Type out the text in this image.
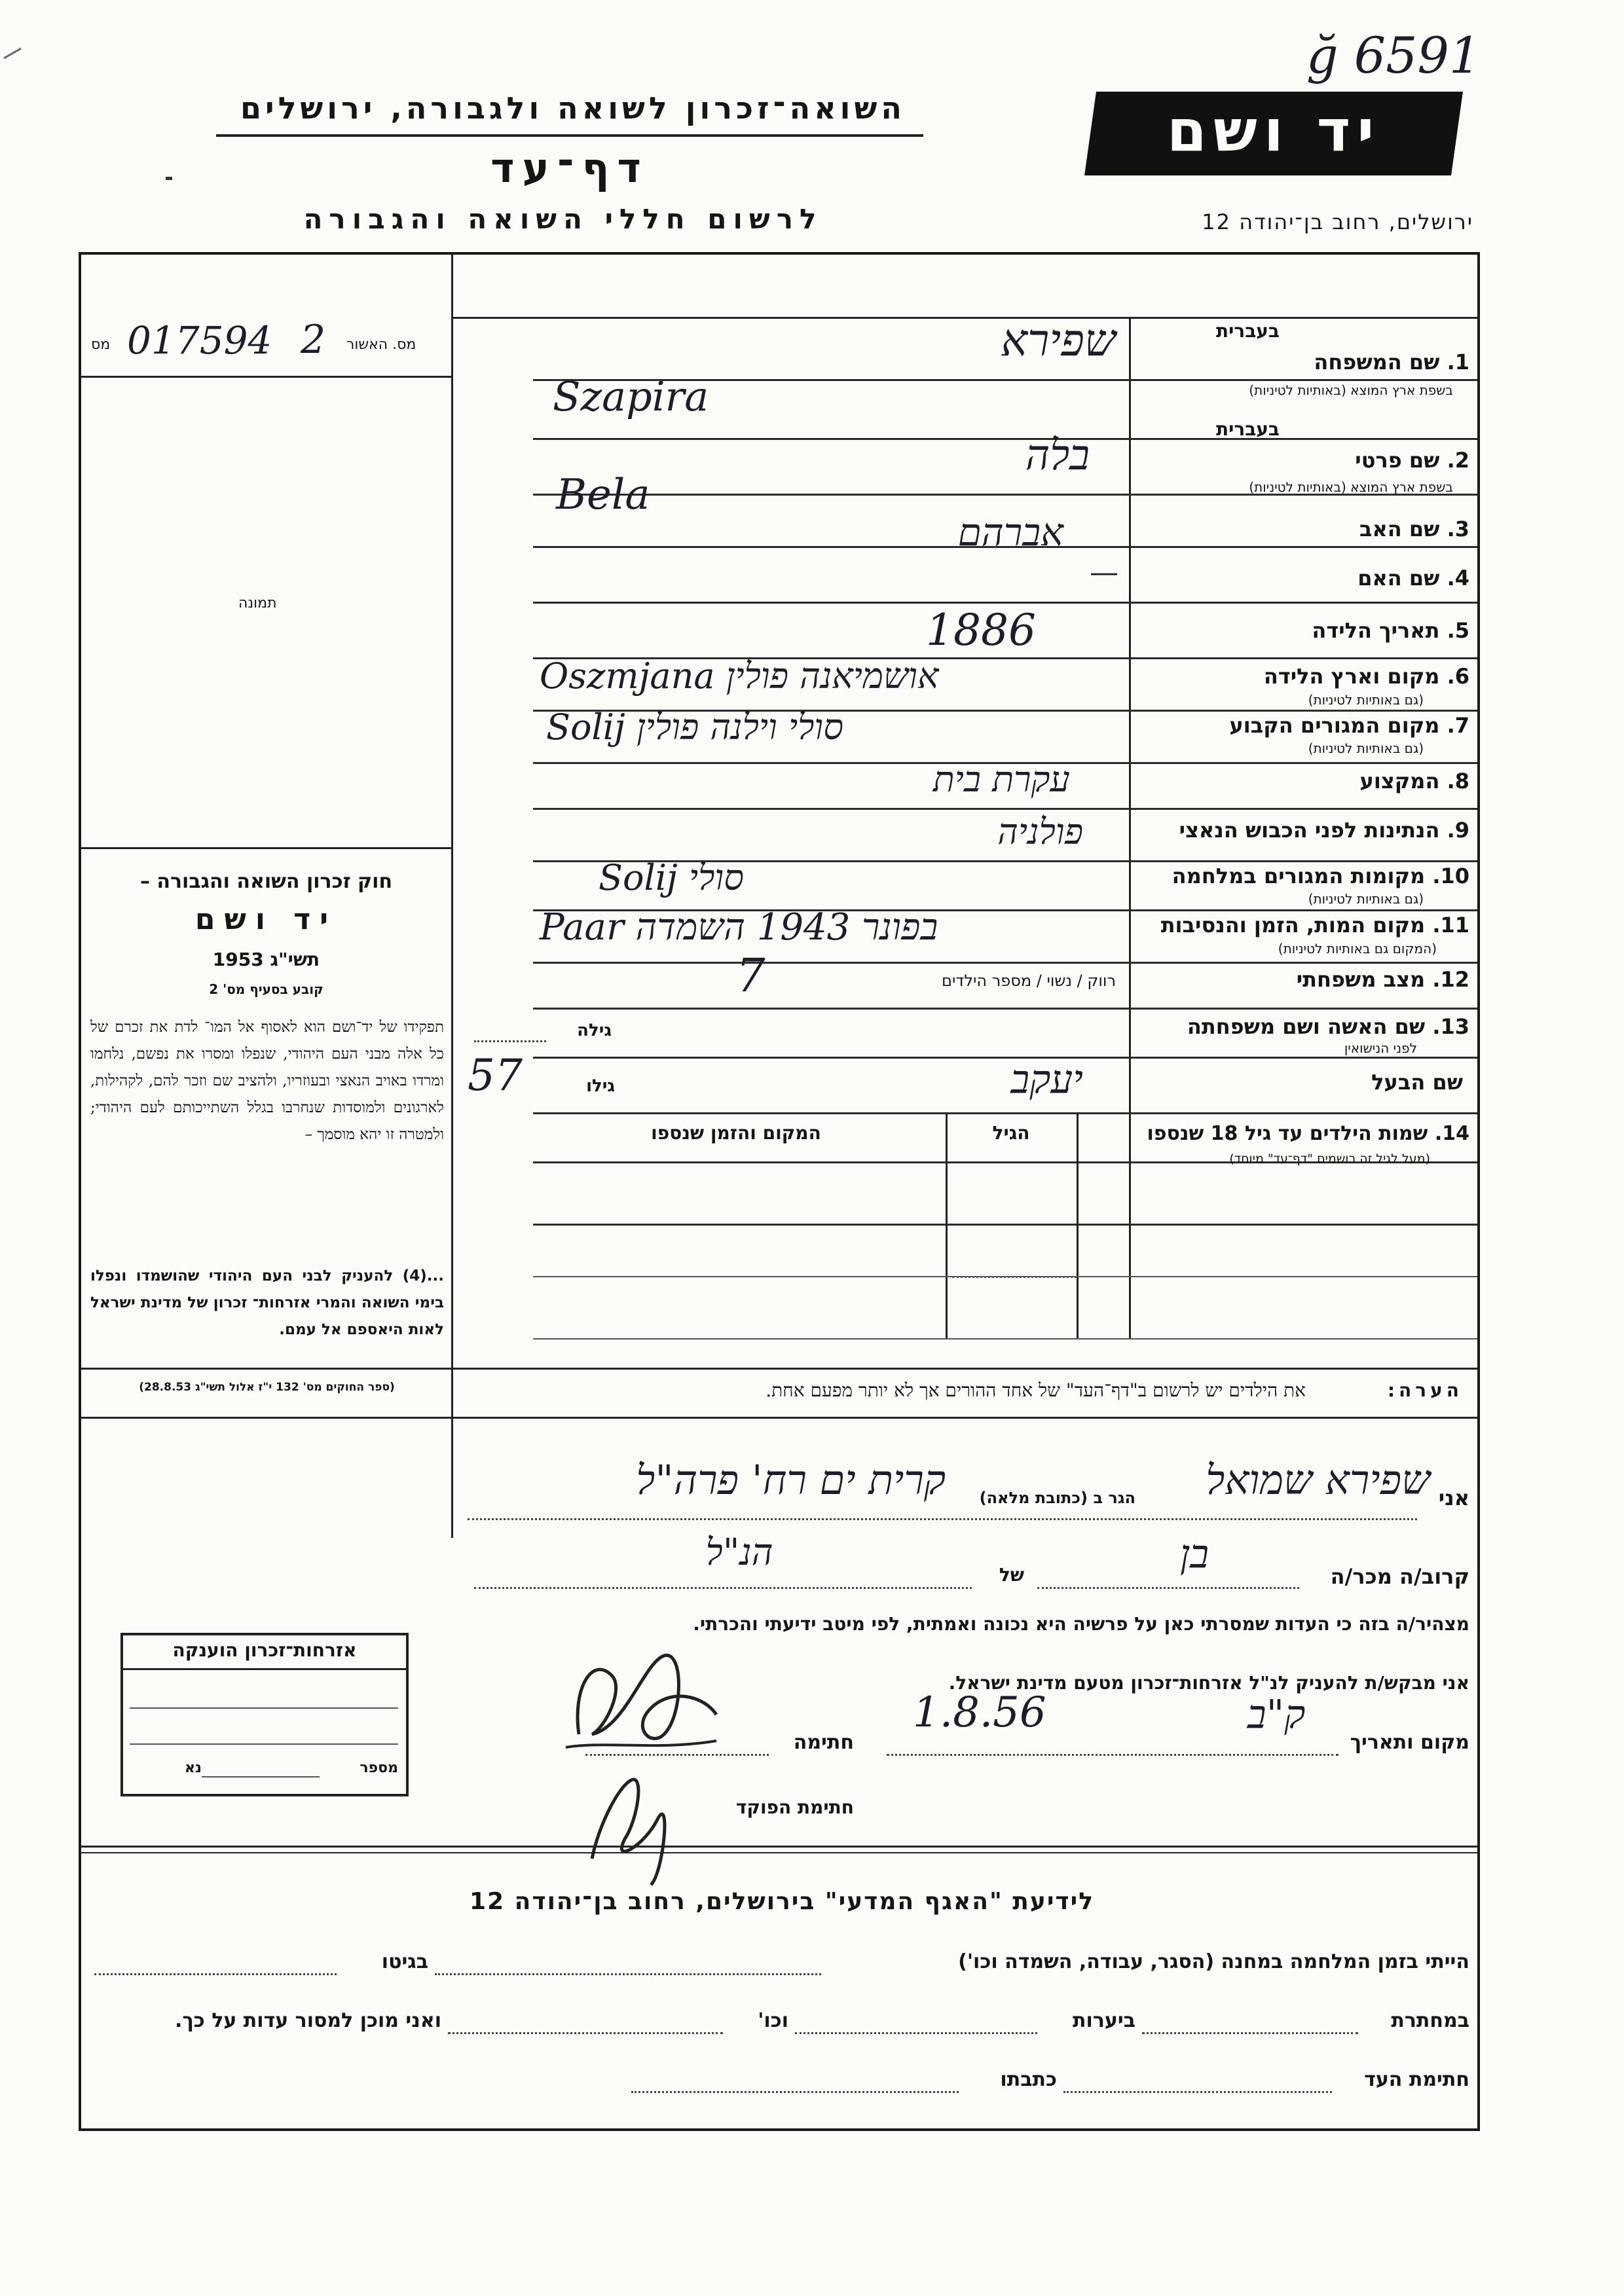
ğ 6591
השואה־זכרון לשואה ולגבורה, ירושלים	יד ושם
דף־עד
לרשום חללי השואה והגבורה	ירושלים, רחוב בן־יהודה 12
מס 017594 2 מס. האשור
תמונה
חוק זכרון השואה והגבורה –
יד ושם
תשי"ג 1953
קובע בסעיף מס' 2
תפקידו של יד־ושם הוא לאסוף אל המו־ לדת את זכרם של כל אלה מבני העם היהודי, שנפלו ומסרו את נפשם, נלחמו ומרדו באויב הנאצי ובעוזריו, ולהציב שם וזכר להם, לקהילות, לארגונים ולמוסדות שנחרבו בגלל השתייכותם לעם היהודי; ולמטרה זו יהא מוסמך –
...(4) להעניק לבני העם היהודי שהושמדו ונפלו בימי השואה והמרי אזרחות־ זכרון של מדינת ישראל לאות היאספם אל עמם.
(ספר החוקים מס' 132 י"ז אלול תשי"ג 28.8.53)
בעברית
1. שם המשפחה
בשפת ארץ המוצא (באותיות לטיניות)
שפירא
Szapira
בעברית
2. שם פרטי
בשפת ארץ המוצא (באותיות לטיניות)
בלה
Bela
3. שם האב
אברהם
4. שם האם
—
5. תאריך הלידה
1886
6. מקום וארץ הלידה
(גם באותיות לטיניות)
Oszmjana אושמיאנה פולין
7. מקום המגורים הקבוע
(גם באותיות לטיניות)
Solij סולי וילנה פולין
8. המקצוע
עקרת בית
9. הנתינות לפני הכבוש הנאצי
פולניה
10. מקומות המגורים במלחמה
(גם באותיות לטיניות)
Solij סולי
11. מקום המות, הזמן והנסיבות
(המקום גם באותיות לטיניות)
Paar בפונר 1943 השמדה
12. מצב משפחתי
רווק / נשוי / מספר הילדים
7
13. שם האשה ושם משפחתה
לפני הנישואין
גילה
שם הבעל
יעקב
גילו
57
14. שמות הילדים עד גיל 18 שנספו
(מעל לגיל זה רושמים "דף־עד" מיוחד)
הגיל
המקום והזמן שנספו
הערה:
את הילדים יש לרשום ב"דף־העד" של אחד ההורים אך לא יותר מפעם אחת.
אני
שפירא שמואל
הגר ב (כתובת מלאה)
קרית ים רח' פרה"ל
קרוב/ה מכר/ה
בן
של
הנ"ל
מצהיר/ה בזה כי העדות שמסרתי כאן על פרשיה היא נכונה ואמתית, לפי מיטב ידיעתי והכרתי.
אני מבקש/ת להעניק לנ"ל אזרחות־זכרון מטעם מדינת ישראל.
מקום ותאריך
ק"ב
1.8.56
חתימה
חתימת הפוקד
אזרחות־זכרון הוענקה
מספר
נא
לידיעת "האגף המדעי" בירושלים, רחוב בן־יהודה 12
הייתי בזמן המלחמה במחנה (הסגר, עבודה, השמדה וכו')
בגיטו
במחתרת
ביערות
וכו'
ואני מוכן למסור עדות על כך.
חתימת העד
כתבתו
